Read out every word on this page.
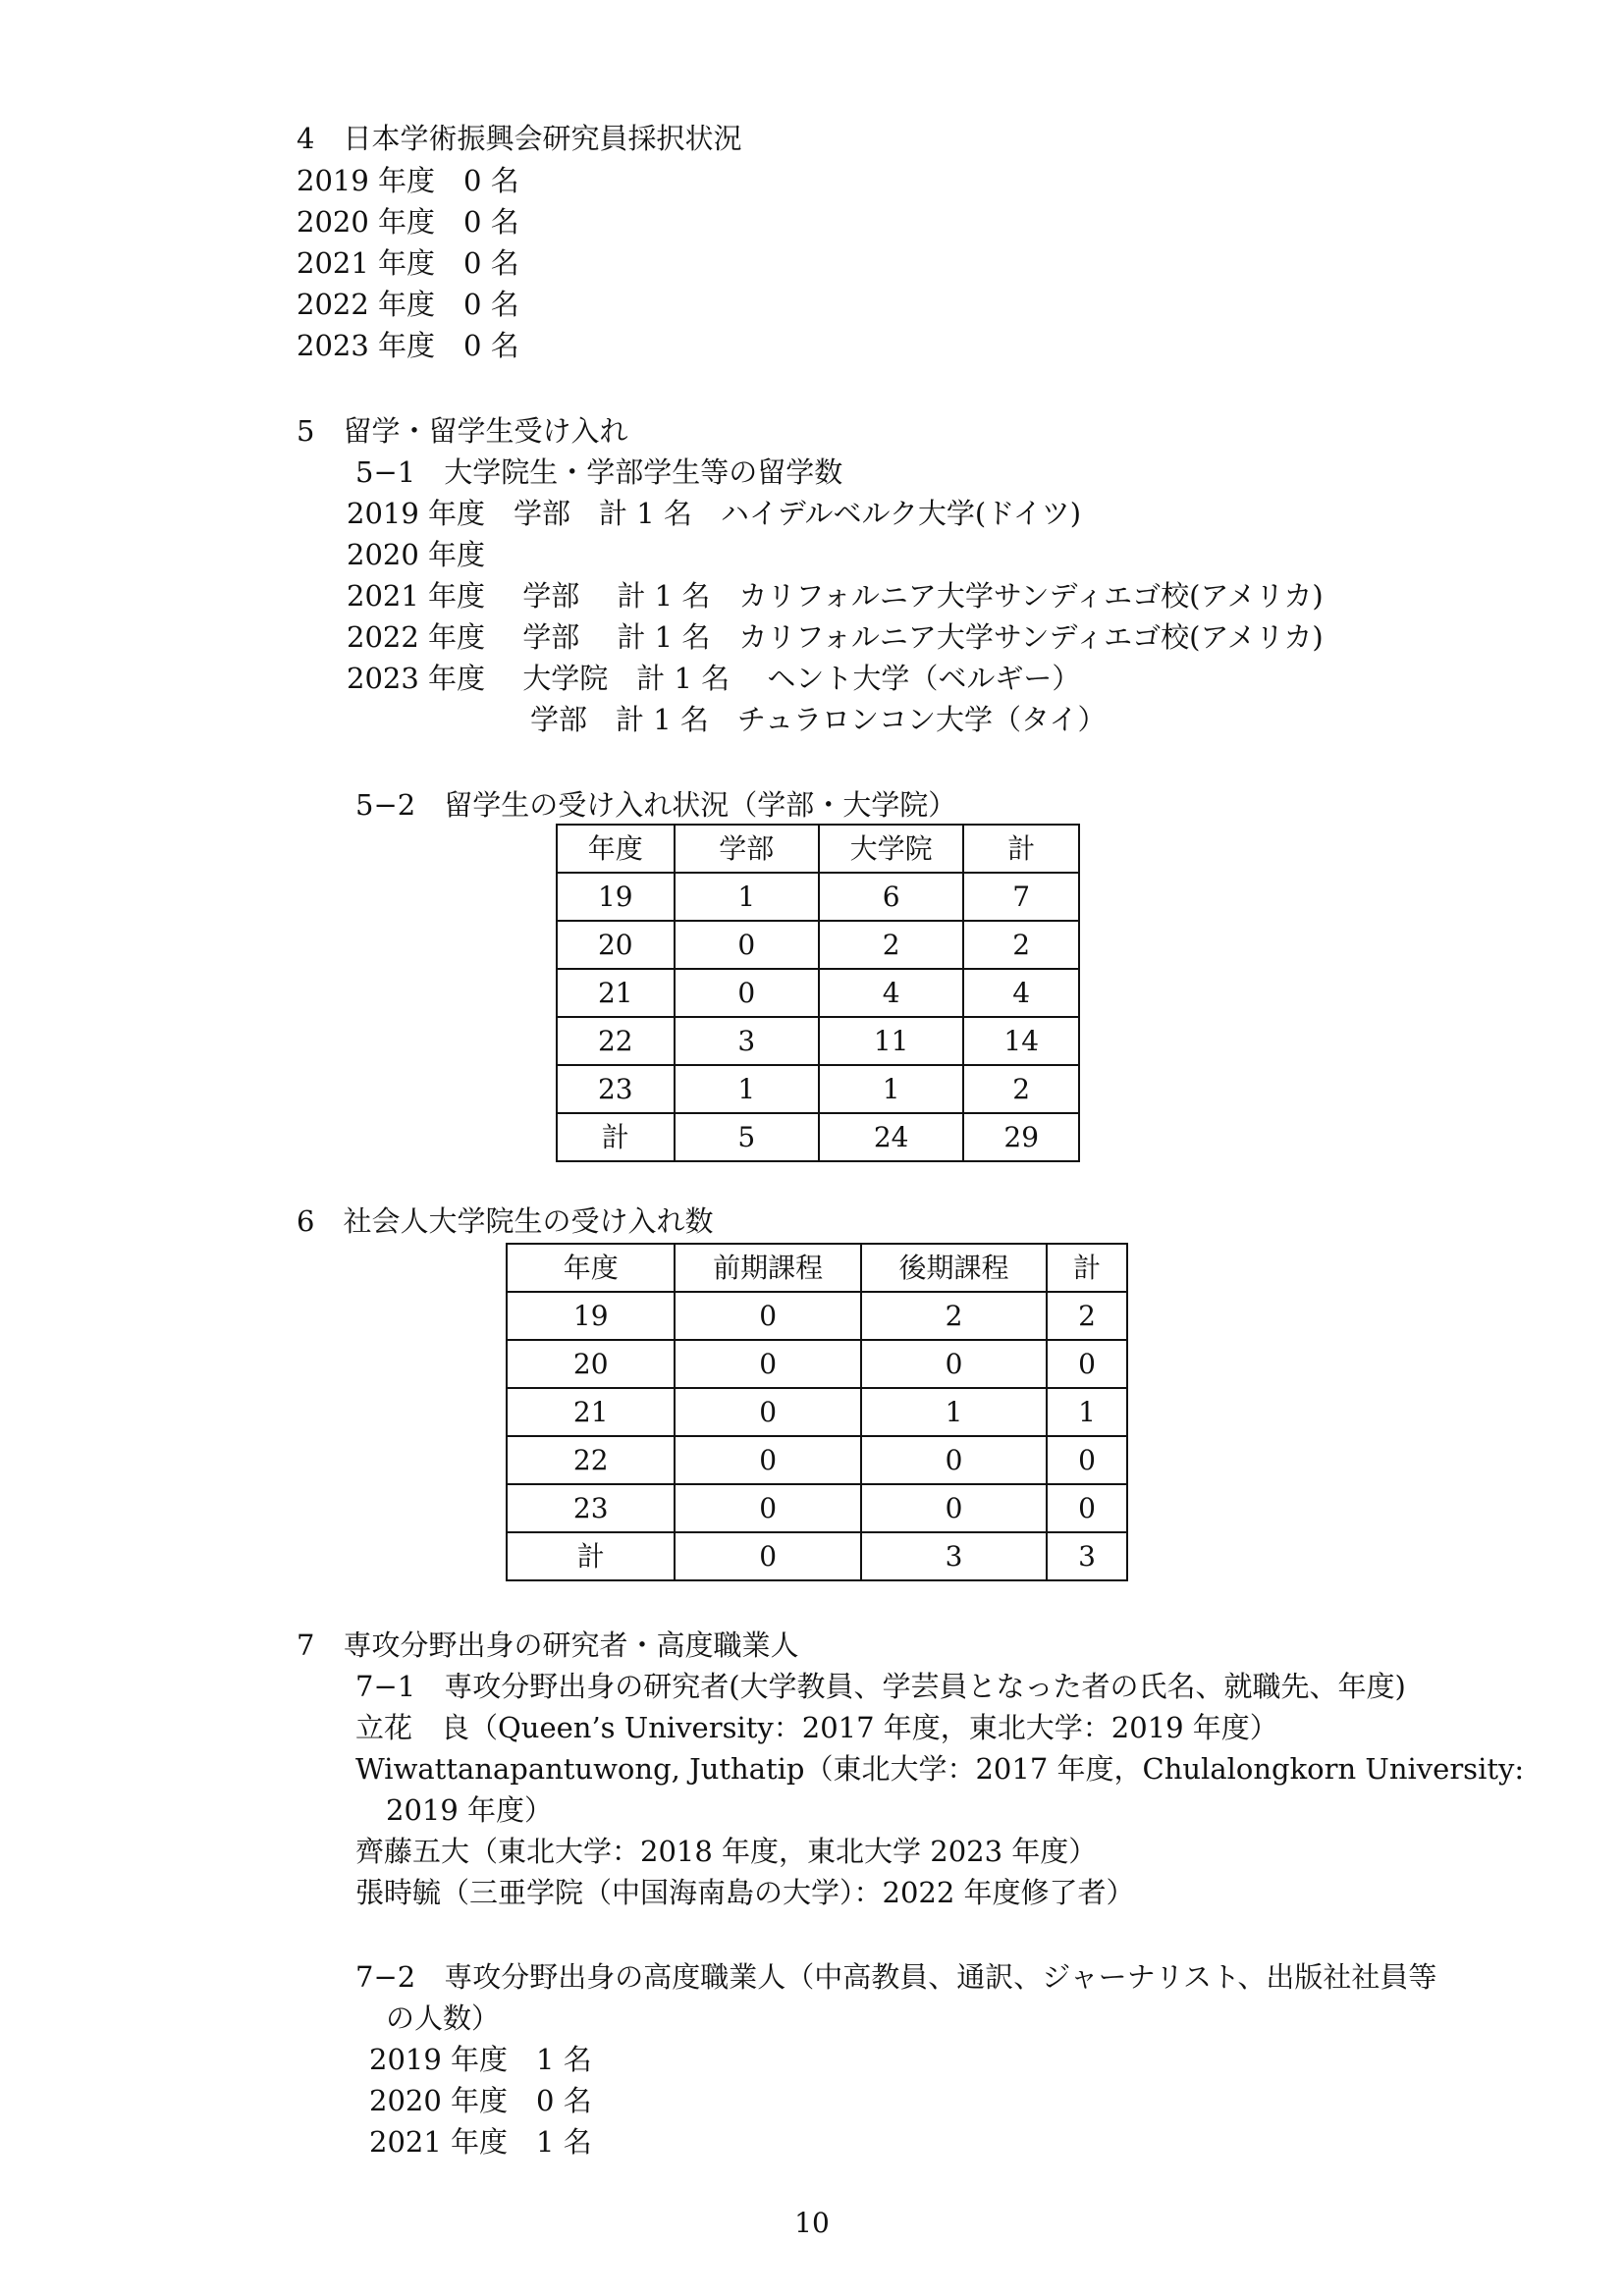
4　日本学術振興会研究員採択状況
2019 年度　0 名
2020 年度　0 名
2021 年度　0 名
2022 年度　0 名
2023 年度　0 名
5　留学・留学生受け入れ
5−1　大学院生・学部学生等の留学数
2019 年度　学部　計 1 名　ハイデルベルク大学(ドイツ)
2020 年度
2021 年度　 学部　 計 1 名　カリフォルニア大学サンディエゴ校(アメリカ)
2022 年度　 学部　 計 1 名　カリフォルニア大学サンディエゴ校(アメリカ)
2023 年度　 大学院　計 1 名　 ヘント大学（ベルギー）
学部　計 1 名　チュラロンコン大学（タイ）
5−2　留学生の受け入れ状況（学部・大学院）
年度	学部	大学院	計
19	1	6	7
20	0	2	2
21	0	4	4
22	3	11	14
23	1	1	2
計	5	24	29
6　社会人大学院生の受け入れ数
年度	前期課程	後期課程	計
19	0	2	2
20	0	0	0
21	0	1	1
22	0	0	0
23	0	0	0
計	0	3	3
7　専攻分野出身の研究者・高度職業人
7−1　専攻分野出身の研究者(大学教員、学芸員となった者の氏名、就職先、年度)
立花　良（Queen’s University：2017 年度，東北大学：2019 年度）
Wiwattanapantuwong, Juthatip（東北大学：2017 年度，Chulalongkorn University:
2019 年度）
齊藤五大（東北大学：2018 年度，東北大学 2023 年度）
張時毓（三亜学院（中国海南島の大学）：2022 年度修了者）
7−2　専攻分野出身の高度職業人（中高教員、通訳、ジャーナリスト、出版社社員等
の人数）
2019 年度　1 名
2020 年度　0 名
2021 年度　1 名
10
